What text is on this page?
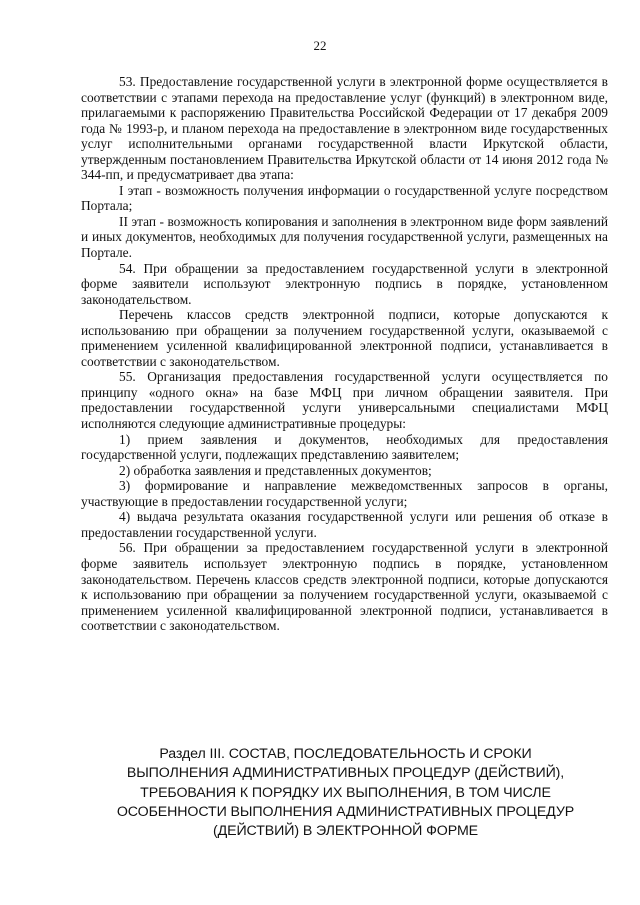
22

53. Предоставление государственной услуги в электронной форме осуществляется в соответствии с этапами перехода на предоставление услуг (функций) в электронном виде, прилагаемыми к распоряжению Правительства Российской Федерации от 17 декабря 2009 года № 1993-р, и планом перехода на предоставление в электронном виде государственных услуг исполнительными органами государственной власти Иркутской области, утвержденным постановлением Правительства Иркутской области от 14 июня 2012 года № 344-пп, и предусматривает два этапа:

I этап - возможность получения информации о государственной услуге посредством Портала;

II этап - возможность копирования и заполнения в электронном виде форм заявлений и иных документов, необходимых для получения государственной услуги, размещенных на Портале.

54. При обращении за предоставлением государственной услуги в электронной форме заявители используют электронную подпись в порядке, установленном законодательством.

Перечень классов средств электронной подписи, которые допускаются к использованию при обращении за получением государственной услуги, оказываемой с применением усиленной квалифицированной электронной подписи, устанавливается в соответствии с законодательством.

55. Организация предоставления государственной услуги осуществляется по принципу «одного окна» на базе МФЦ при личном обращении заявителя. При предоставлении государственной услуги универсальными специалистами МФЦ исполняются следующие административные процедуры:

1) прием заявления и документов, необходимых для предоставления государственной услуги, подлежащих представлению заявителем;

2) обработка заявления и представленных документов;

3) формирование и направление межведомственных запросов в органы, участвующие в предоставлении государственной услуги;

4) выдача результата оказания государственной услуги или решения об отказе в предоставлении государственной услуги.

56. При обращении за предоставлением государственной услуги в электронной форме заявитель использует электронную подпись в порядке, установленном законодательством. Перечень классов средств электронной подписи, которые допускаются к использованию при обращении за получением государственной услуги, оказываемой с применением усиленной квалифицированной электронной подписи, устанавливается в соответствии с законодательством.

Раздел III. СОСТАВ, ПОСЛЕДОВАТЕЛЬНОСТЬ И СРОКИ
ВЫПОЛНЕНИЯ АДМИНИСТРАТИВНЫХ ПРОЦЕДУР (ДЕЙСТВИЙ),
ТРЕБОВАНИЯ К ПОРЯДКУ ИХ ВЫПОЛНЕНИЯ, В ТОМ ЧИСЛЕ
ОСОБЕННОСТИ ВЫПОЛНЕНИЯ АДМИНИСТРАТИВНЫХ ПРОЦЕДУР
(ДЕЙСТВИЙ) В ЭЛЕКТРОННОЙ ФОРМЕ
